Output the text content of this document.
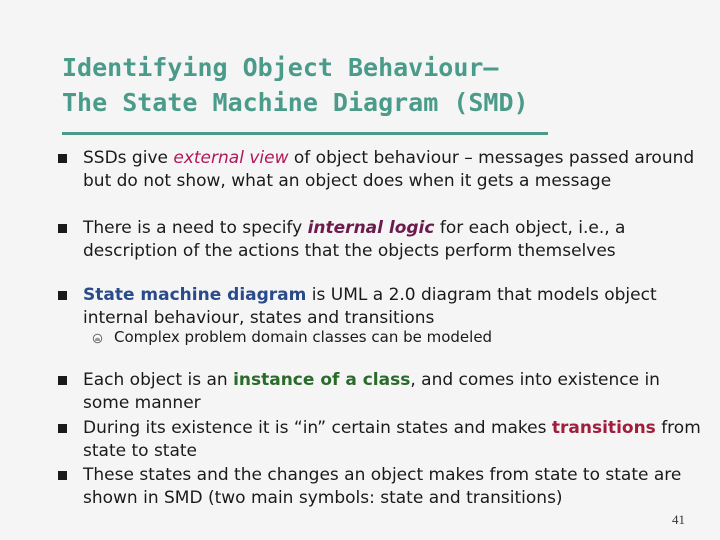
Identifying Object Behaviour—
The State Machine Diagram (SMD)
SSDs give external view of object behaviour – messages passed around but do not show, what an object does when it gets a message
There is a need to specify internal logic for each object, i.e., a description of the actions that the objects perform themselves
State machine diagram is UML a 2.0 diagram that models object internal behaviour, states and transitions
Complex problem domain classes can be modeled
Each object is an instance of a class, and comes into existence in some manner
During its existence it is “in” certain states and makes transitions from state to state
These states and the changes an object makes from state to state are shown in SMD (two main symbols: state and transitions)
41
